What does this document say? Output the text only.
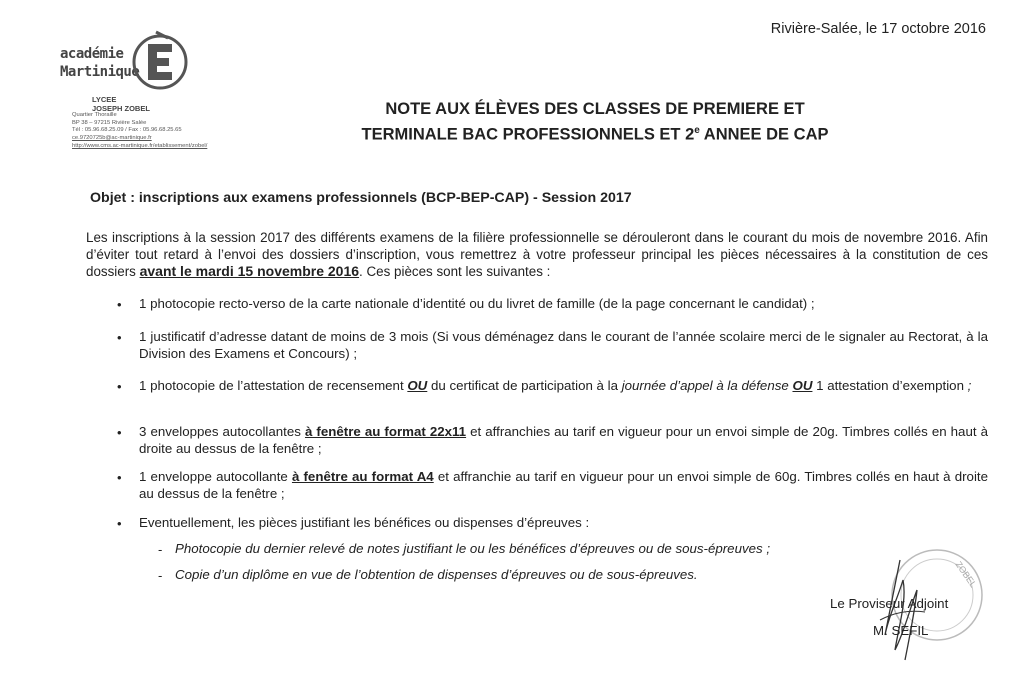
Rivière-Salée, le 17 octobre 2016
académie
Martinique
LYCEE
JOSEPH ZOBEL
Quartier Thoraille
BP 38 – 97215 Rivière Salée
Tél : 05.96.68.25.09 / Fax : 05.96.68.25.65
ce.9720725b@ac-martinique.fr
http://www.cms.ac-martinique.fr/etablissement/zobel/
NOTE AUX ÉLÈVES DES CLASSES DE PREMIERE ET
TERMINALE BAC PROFESSIONNELS ET 2e ANNEE DE CAP
Objet : inscriptions aux examens professionnels (BCP-BEP-CAP) - Session 2017
Les inscriptions à la session 2017 des différents examens de la filière professionnelle se dérouleront dans le courant du mois de novembre 2016. Afin d’éviter tout retard à l’envoi des dossiers d’inscription, vous remettrez à votre professeur principal les pièces nécessaires à la constitution de ces dossiers avant le mardi 15 novembre 2016. Ces pièces sont les suivantes :
• 1 photocopie recto-verso de la carte nationale d’identité ou du livret de famille (de la page concernant le candidat) ;
• 1 justificatif d’adresse datant de moins de 3 mois (Si vous déménagez dans le courant de l’année scolaire merci de le signaler au Rectorat, à la Division des Examens et Concours) ;
• 1 photocopie de l’attestation de recensement OU du certificat de participation à la journée d’appel à la défense OU 1 attestation d’exemption ;
• 3 enveloppes autocollantes à fenêtre au format 22x11 et affranchies au tarif en vigueur pour un envoi simple de 20g. Timbres collés en haut à droite au dessus de la fenêtre ;
• 1 enveloppe autocollante à fenêtre au format A4 et affranchie au tarif en vigueur pour un envoi simple de 60g. Timbres collés en haut à droite au dessus de la fenêtre ;
• Eventuellement, les pièces justifiant les bénéfices ou dispenses d’épreuves :
- Photocopie du dernier relevé de notes justifiant le ou les bénéfices d’épreuves ou de sous-épreuves ;
- Copie d’un diplôme en vue de l’obtention de dispenses d’épreuves ou de sous-épreuves.	ZOBEL
Le Proviseur Adjoint
M. SEFIL
